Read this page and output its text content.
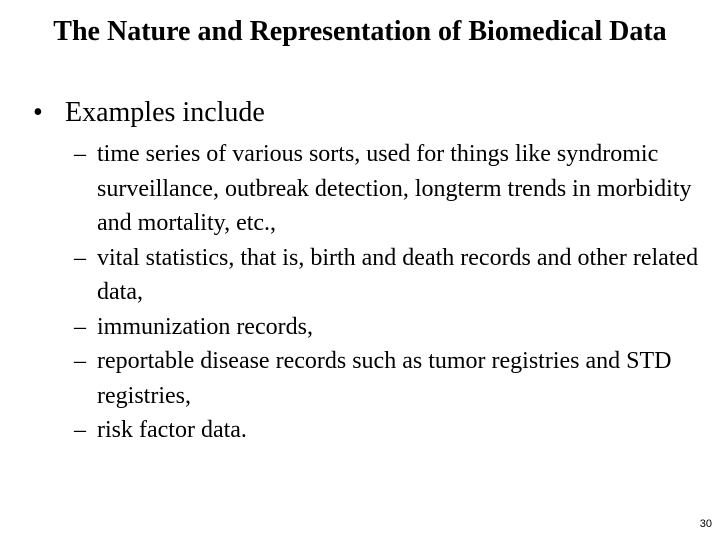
The Nature and Representation of Biomedical Data
• Examples include
– time series of various sorts, used for things like syndromic surveillance, outbreak detection, longterm trends in morbidity and mortality, etc.,
– vital statistics, that is, birth and death records and other related data,
– immunization records,
– reportable disease records such as tumor registries and STD registries,
– risk factor data.
30
